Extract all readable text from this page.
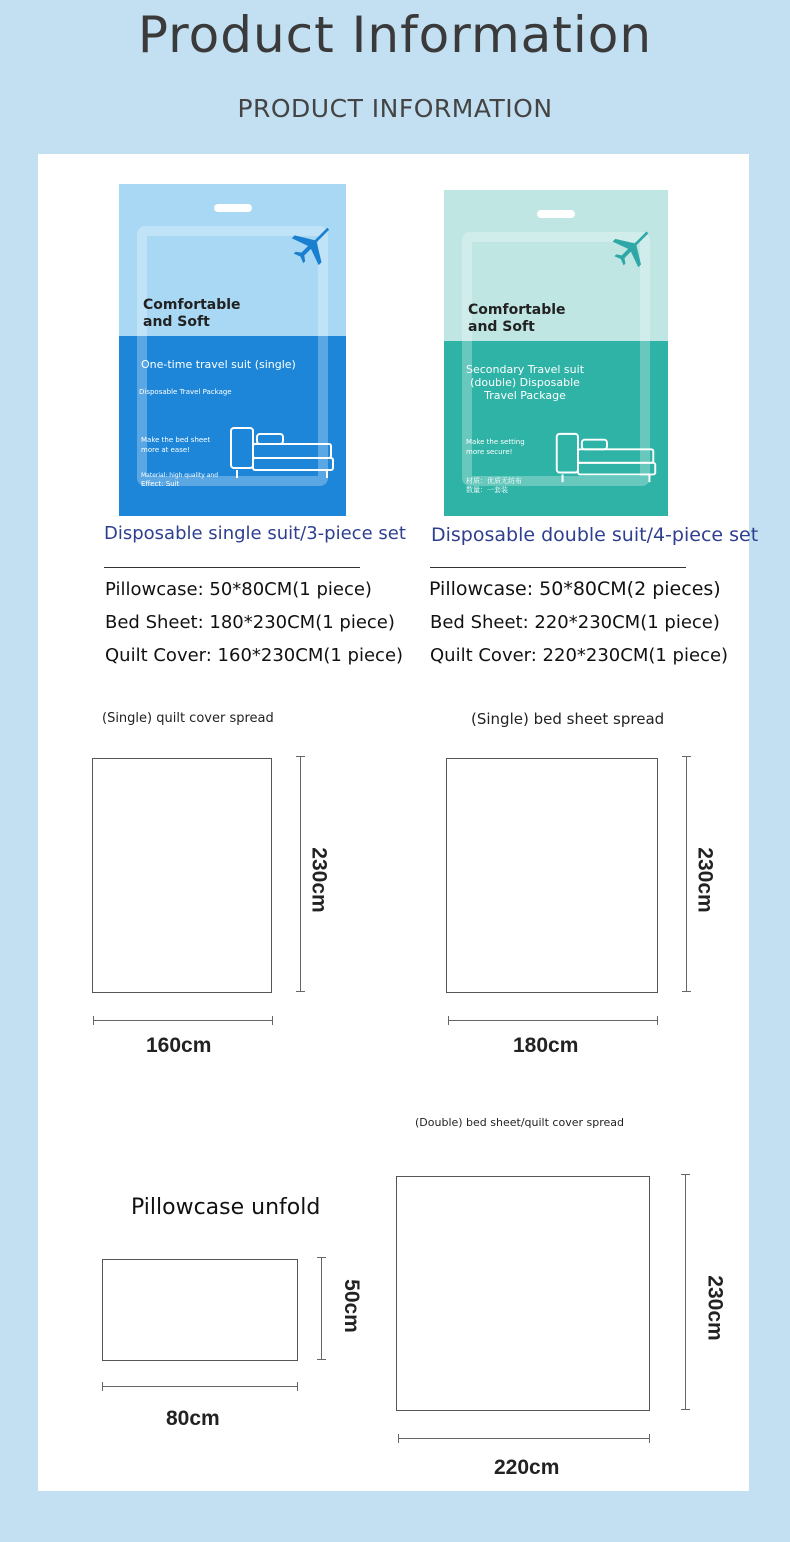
Product Information
PRODUCT INFORMATION
Comfortable
and Soft
One-time travel suit (single)
Disposable Travel Package
Make the bed sheet
more at ease!
Material: high quality and
Effect: Suit
Comfortable
and Soft
Secondary Travel suit
(double) Disposable
Travel Package
Make the setting
more secure!
材质：优质无纺布
数量：一套装
Disposable single suit/3-piece set
Pillowcase: 50*80CM(1 piece)
Bed Sheet: 180*230CM(1 piece)
Quilt Cover: 160*230CM(1 piece)
Disposable double suit/4-piece set
Pillowcase: 50*80CM(2 pieces)
Bed Sheet: 220*230CM(1 piece)
Quilt Cover: 220*230CM(1 piece)
(Single) quilt cover spread
230cm
160cm
(Single) bed sheet spread
230cm
180cm
(Double) bed sheet/quilt cover spread
230cm
220cm
Pillowcase unfold
50cm
80cm
